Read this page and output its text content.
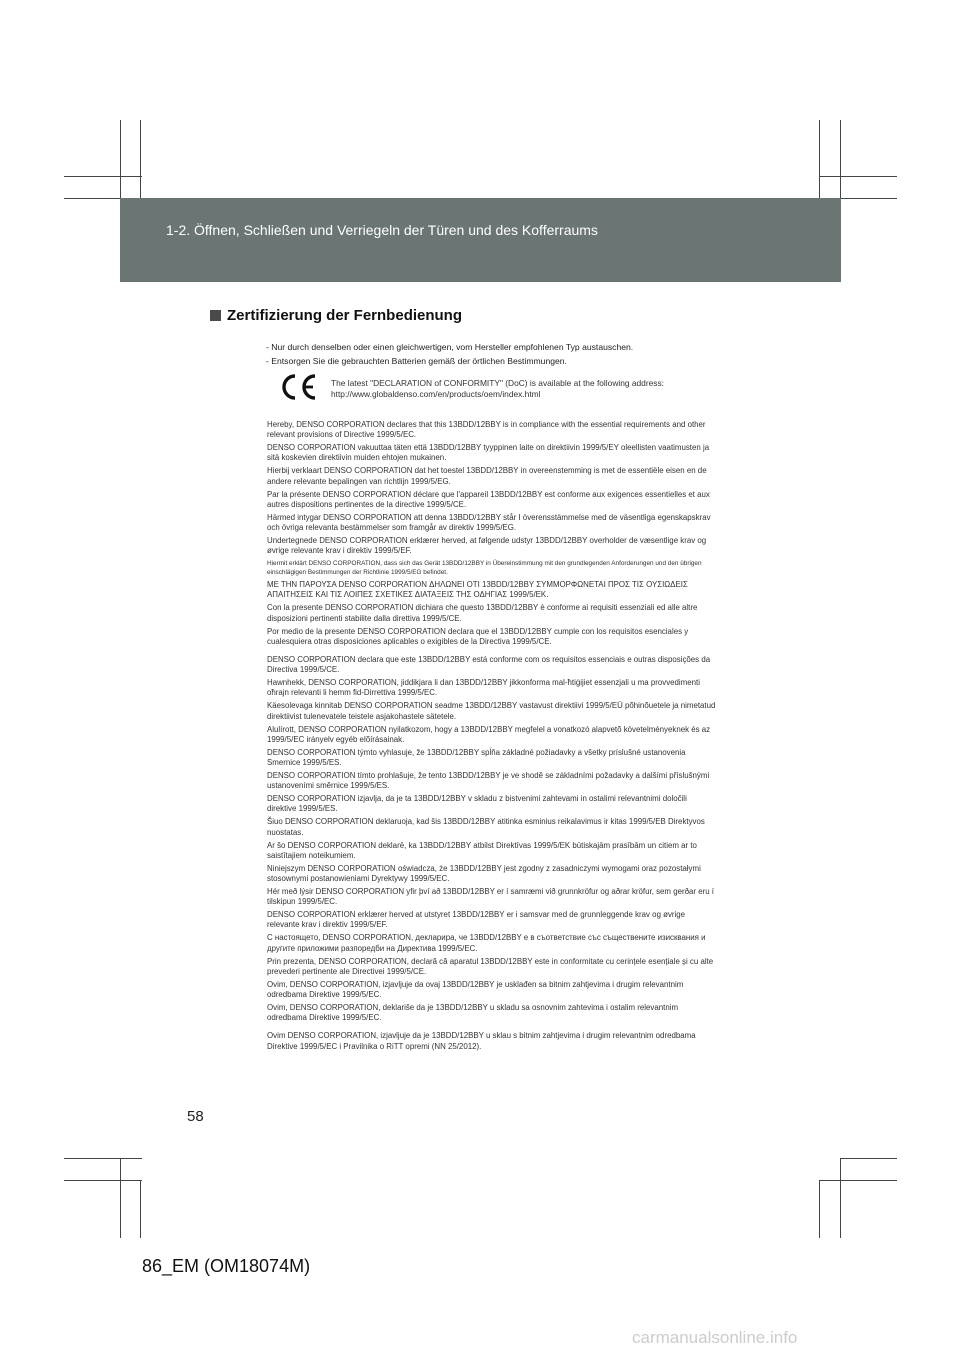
1-2. Öffnen, Schließen und Verriegeln der Türen und des Kofferraums
Zertifizierung der Fernbedienung
- Nur durch denselben oder einen gleichwertigen, vom Hersteller empfohlenen Typ austauschen.
- Entsorgen Sie die gebrauchten Batterien gemäß der örtlichen Bestimmungen.
The latest "DECLARATION of CONFORMITY" (DoC) is available at the following address:
http://www.globaldenso.com/en/products/oem/index.html

Hereby, DENSO CORPORATION declares that this 13BDD/12BBY is in compliance with the essential requirements and other relevant provisions of Directive 1999/5/EC.

DENSO CORPORATION vakuuttaa täten että 13BDD/12BBY tyyppinen laite on direktiivin 1999/5/EY oleellisten vaatimusten ja sitä koskevien direktiivin muiden ehtojen mukainen.

Hierbij verklaart DENSO CORPORATION dat het toestel 13BDD/12BBY in overeenstemming is met de essentiële eisen en de andere relevante bepalingen van richtlijn 1999/5/EG.

Par la présente DENSO CORPORATION déclare que l'appareil 13BDD/12BBY est conforme aux exigences essentielles et aux autres dispositions pertinentes de la directive 1999/5/CE.

Härmed intygar DENSO CORPORATION att denna 13BDD/12BBY står I överensstämmelse med de väsentliga egenskapskrav och övriga relevanta bestämmelser som framgår av direktiv 1999/5/EG.

Undertegnede DENSO CORPORATION erklærer herved, at følgende udstyr 13BDD/12BBY overholder de væsentlige krav og øvrige relevante krav i direktiv 1999/5/EF.

Hiermit erklärt DENSO CORPORATION, dass sich das Gerät 13BDD/12BBY in Übereinstimmung mit den grundlegenden Anforderungen und den übrigen einschlägigen Bestimmungen der Richtlinie 1999/5/EG befindet.

ΜΕ ΤΗΝ ΠΑΡΟΥΣΑ DENSO CORPORATION ΔΗΛΩΝΕΙ ΟΤΙ 13BDD/12BBY ΣΥΜΜΟΡΦΩΝΕΤΑΙ ΠΡΟΣ ΤΙΣ ΟΥΣΙΩΔΕΙΣ ΑΠΑΙΤΗΣΕΙΣ ΚΑΙ ΤΙΣ ΛΟΙΠΕΣ ΣΧΕΤΙΚΕΣ ΔΙΑΤΑΞΕΙΣ ΤΗΣ ΟΔΗΓΙΑΣ 1999/5/ΕΚ.

Con la presente DENSO CORPORATION dichiara che questo 13BDD/12BBY è conforme ai requisiti essenziali ed alle altre disposizioni pertinenti stabilite dalla direttiva 1999/5/CE.

Por medio de la presente DENSO CORPORATION declara que el 13BDD/12BBY cumple con los requisitos esenciales y cualesquiera otras disposiciones aplicables o exigibles de la Directiva 1999/5/CE.

DENSO CORPORATION declara que este 13BDD/12BBY está conforme com os requisitos essenciais e outras disposições da Directiva 1999/5/CE.

Hawnhekk, DENSO CORPORATION, jiddikjara li dan 13BDD/12BBY jikkonforma mal-ħtiġijiet essenzjali u ma provvedimenti oħrajn relevanti li hemm fid-Dirrettiva 1999/5/EC.

Käesolevaga kinnitab DENSO CORPORATION seadme 13BDD/12BBY vastavust direktiivi 1999/5/EÜ põhinõuetele ja nimetatud direktiivist tulenevatele teistele asjakohastele sätetele.

Alulírott, DENSO CORPORATION nyilatkozom, hogy a 13BDD/12BBY megfelel a vonatkozó alapvetõ követelményeknek és az 1999/5/EC irányelv egyéb elõírásainak.

DENSO CORPORATION týmto vyhlasuje, že 13BDD/12BBY spĺňa základné požiadavky a všetky príslušné ustanovenia Smernice 1999/5/ES.

DENSO CORPORATION tímto prohlašuje, že tento 13BDD/12BBY je ve shodě se základními požadavky a dalšími příslušnými ustanoveními směrnice 1999/5/ES.

DENSO CORPORATION izjavlja, da je ta 13BDD/12BBY v skladu z bistvenimi zahtevami in ostalimi relevantnimi določili direktive 1999/5/ES.

Šiuo DENSO CORPORATION deklaruoja, kad šis 13BDD/12BBY atitinka esminius reikalavimus ir kitas 1999/5/EB Direktyvos nuostatas.

Ar šo DENSO CORPORATION deklarē, ka 13BDD/12BBY atbilst Direktīvas 1999/5/EK būtiskajām prasībām un citiem ar to saistītajiem noteikumiem.

Niniejszym DENSO CORPORATION oświadcza, że 13BDD/12BBY jest zgodny z zasadniczymi wymogami oraz pozostałymi stosownymi postanowieniami Dyrektywy 1999/5/EC.

Hér með lýsir DENSO CORPORATION yfir því að 13BDD/12BBY er í samræmi við grunnkröfur og aðrar kröfur, sem gerðar eru í tilskipun 1999/5/EC.

DENSO CORPORATION erklærer herved at utstyret 13BDD/12BBY er i samsvar med de grunnleggende krav og øvrige relevante krav i direktiv 1999/5/EF.

С настоящето, DENSO CORPORATION, декларира, че 13BDD/12BBY е в съответствие със съществените изисквания и другите приложими разпоредби на Директива 1999/5/ЕС.

Prin prezenta, DENSO CORPORATION, declară că aparatul 13BDD/12BBY este in conformitate cu cerințele esențiale și cu alte prevederi pertinente ale Directivei 1999/5/CE.

Ovim, DENSO CORPORATION, izjavljuje da ovaj 13BDD/12BBY je usklađen sa bitnim zahtjevima i drugim relevantnim odredbama Direktive 1999/5/EC.

Ovim, DENSO CORPORATION, deklariše da je 13BDD/12BBY u skladu sa osnovnim zahtevima i ostalim relevantnim odredbama Direktive 1999/5/EC.

Ovim DENSO CORPORATION, izjavljuje da je 13BDD/12BBY u sklau s bitnim zahtjevima i drugim relevantnim odredbama Direktive 1999/5/EC i Pravilnika o RiTT opremi (NN 25/2012).

58
86_EM (OM18074M)
carmanualsonline.info
